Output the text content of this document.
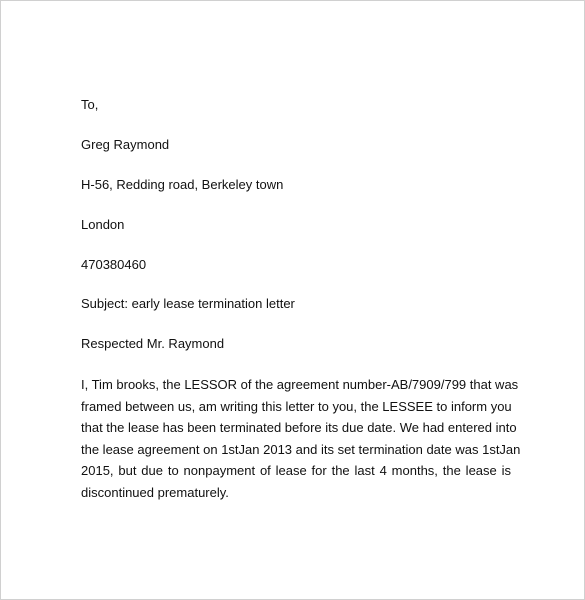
To,

Greg Raymond

H-56, Redding road, Berkeley town

London

470380460

Subject: early lease termination letter

Respected Mr. Raymond

I, Tim brooks, the LESSOR of the agreement number-AB/7909/799 that was
framed between us, am writing this letter to you, the LESSEE to inform you
that the lease has been terminated before its due date. We had entered into
the lease agreement on 1stJan 2013 and its set termination date was 1stJan
2015, but due to nonpayment of lease for the last 4 months, the lease is
discontinued prematurely.
